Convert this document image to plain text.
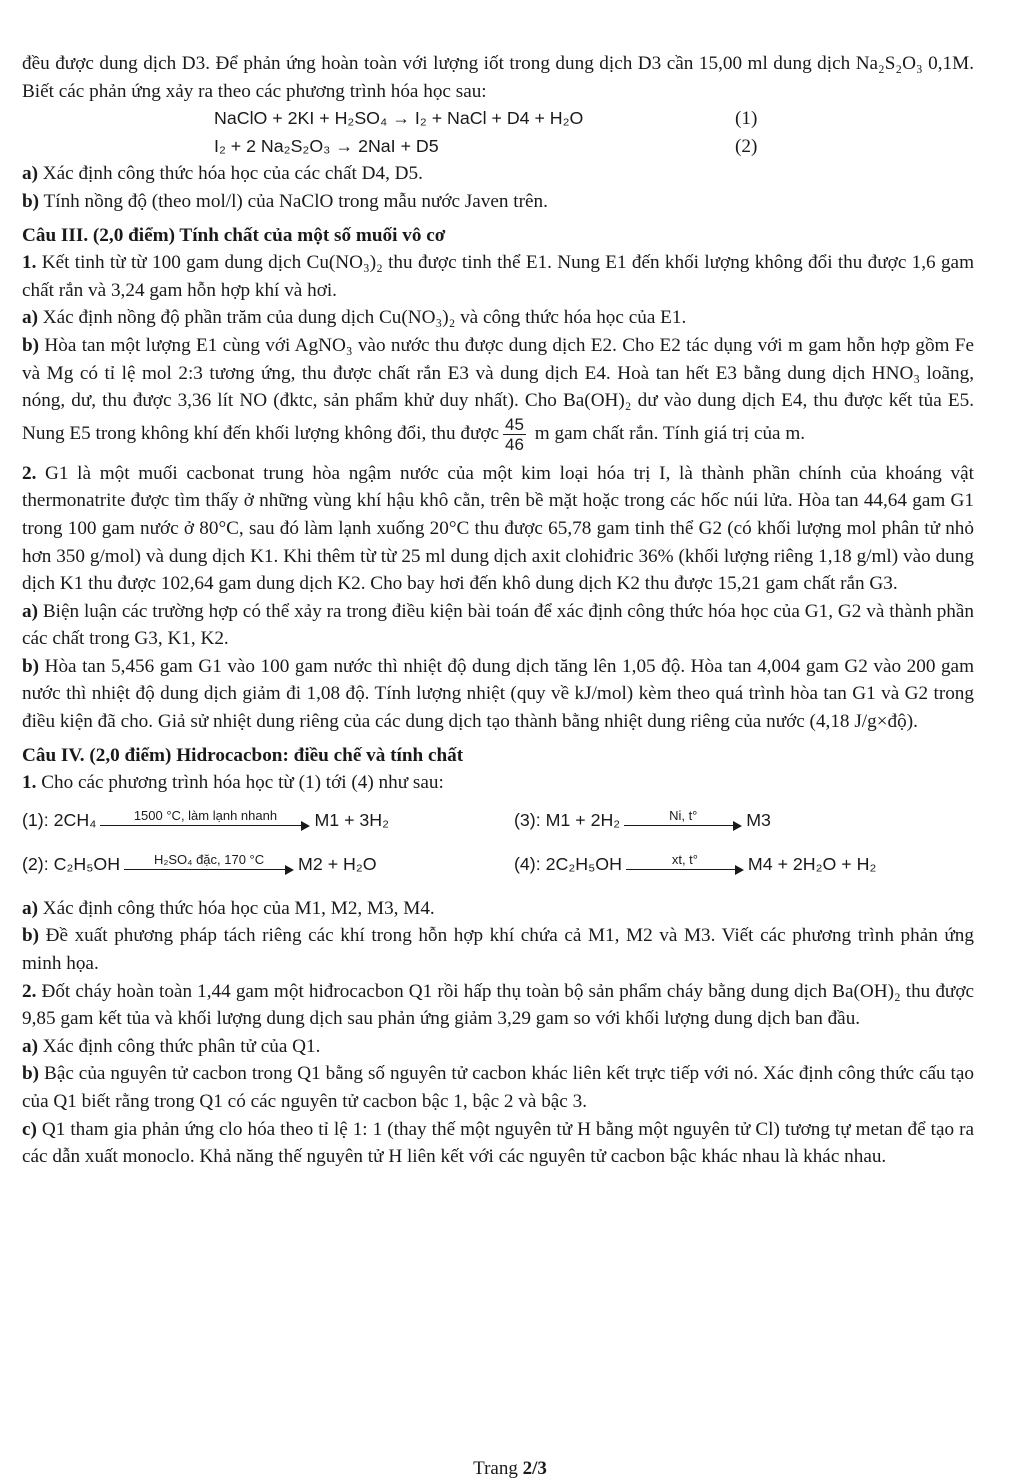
đều được dung dịch D3. Để phản ứng hoàn toàn với lượng iốt trong dung dịch D3 cần 15,00 ml dung dịch Na₂S₂O₃ 0,1M. Biết các phản ứng xảy ra theo các phương trình hóa học sau:

NaClO + 2KI + H₂SO₄ → I₂ + NaCl + D4 + H₂O	(1)
I₂ + 2 Na₂S₂O₃ → 2NaI + D5	(2)

a) Xác định công thức hóa học của các chất D4, D5.

b) Tính nồng độ (theo mol/l) của NaClO trong mẫu nước Javen trên.

Câu III. (2,0 điểm) Tính chất của một số muối vô cơ

1. Kết tinh từ từ 100 gam dung dịch Cu(NO₃)₂ thu được tinh thể E1. Nung E1 đến khối lượng không đổi thu được 1,6 gam chất rắn và 3,24 gam hỗn hợp khí và hơi.

a) Xác định nồng độ phần trăm của dung dịch Cu(NO₃)₂ và công thức hóa học của E1.

b) Hòa tan một lượng E1 cùng với AgNO₃ vào nước thu được dung dịch E2. Cho E2 tác dụng với m gam hỗn hợp gồm Fe và Mg có tỉ lệ mol 2:3 tương ứng, thu được chất rắn E3 và dung dịch E4. Hoà tan hết E3 bằng dung dịch HNO₃ loãng, nóng, dư, thu được 3,36 lít NO (đktc, sản phẩm khử duy nhất). Cho Ba(OH)₂ dư vào dung dịch E4, thu được kết tủa E5. Nung E5 trong không khí đến khối lượng không đổi, thu được $\frac{45}{46}$ m gam chất rắn. Tính giá trị của m.

2. G1 là một muối cacbonat trung hòa ngậm nước của một kim loại hóa trị I, là thành phần chính của khoáng vật thermonatrite được tìm thấy ở những vùng khí hậu khô cằn, trên bề mặt hoặc trong các hốc núi lửa. Hòa tan 44,64 gam G1 trong 100 gam nước ở 80°C, sau đó làm lạnh xuống 20°C thu được 65,78 gam tinh thể G2 (có khối lượng mol phân tử nhỏ hơn 350 g/mol) và dung dịch K1. Khi thêm từ từ 25 ml dung dịch axit clohiđric 36% (khối lượng riêng 1,18 g/ml) vào dung dịch K1 thu được 102,64 gam dung dịch K2. Cho bay hơi đến khô dung dịch K2 thu được 15,21 gam chất rắn G3.

a) Biện luận các trường hợp có thể xảy ra trong điều kiện bài toán để xác định công thức hóa học của G1, G2 và thành phần các chất trong G3, K1, K2.

b) Hòa tan 5,456 gam G1 vào 100 gam nước thì nhiệt độ dung dịch tăng lên 1,05 độ. Hòa tan 4,004 gam G2 vào 200 gam nước thì nhiệt độ dung dịch giảm đi 1,08 độ. Tính lượng nhiệt (quy về kJ/mol) kèm theo quá trình hòa tan G1 và G2 trong điều kiện đã cho. Giả sử nhiệt dung riêng của các dung dịch tạo thành bằng nhiệt dung riêng của nước (4,18 J/g×độ).

Câu IV. (2,0 điểm) Hidrocacbon: điều chế và tính chất

1. Cho các phương trình hóa học từ (1) tới (4) như sau:

(1): 2CH₄	1500 °C, làm lạnh nhanh	M1 + 3H₂	(3): M1 + 2H₂	Ni, t°	M3
(2): C₂H₅OH	H₂SO₄ đặc, 170 °C	M2 + H₂O	(4): 2C₂H₅OH	xt, t°	M4 + 2H₂O + H₂

a) Xác định công thức hóa học của M1, M2, M3, M4.

b) Đề xuất phương pháp tách riêng các khí trong hỗn hợp khí chứa cả M1, M2 và M3. Viết các phương trình phản ứng minh họa.

2. Đốt cháy hoàn toàn 1,44 gam một hiđrocacbon Q1 rồi hấp thụ toàn bộ sản phẩm cháy bằng dung dịch Ba(OH)₂ thu được 9,85 gam kết tủa và khối lượng dung dịch sau phản ứng giảm 3,29 gam so với khối lượng dung dịch ban đầu.

a) Xác định công thức phân tử của Q1.

b) Bậc của nguyên tử cacbon trong Q1 bằng số nguyên tử cacbon khác liên kết trực tiếp với nó. Xác định công thức cấu tạo của Q1 biết rằng trong Q1 có các nguyên tử cacbon bậc 1, bậc 2 và bậc 3.

c) Q1 tham gia phản ứng clo hóa theo tỉ lệ 1: 1 (thay thế một nguyên tử H bằng một nguyên tử Cl) tương tự metan để tạo ra các dẫn xuất monoclo. Khả năng thế nguyên tử H liên kết với các nguyên tử cacbon bậc khác nhau là khác nhau.

Trang 2/3
